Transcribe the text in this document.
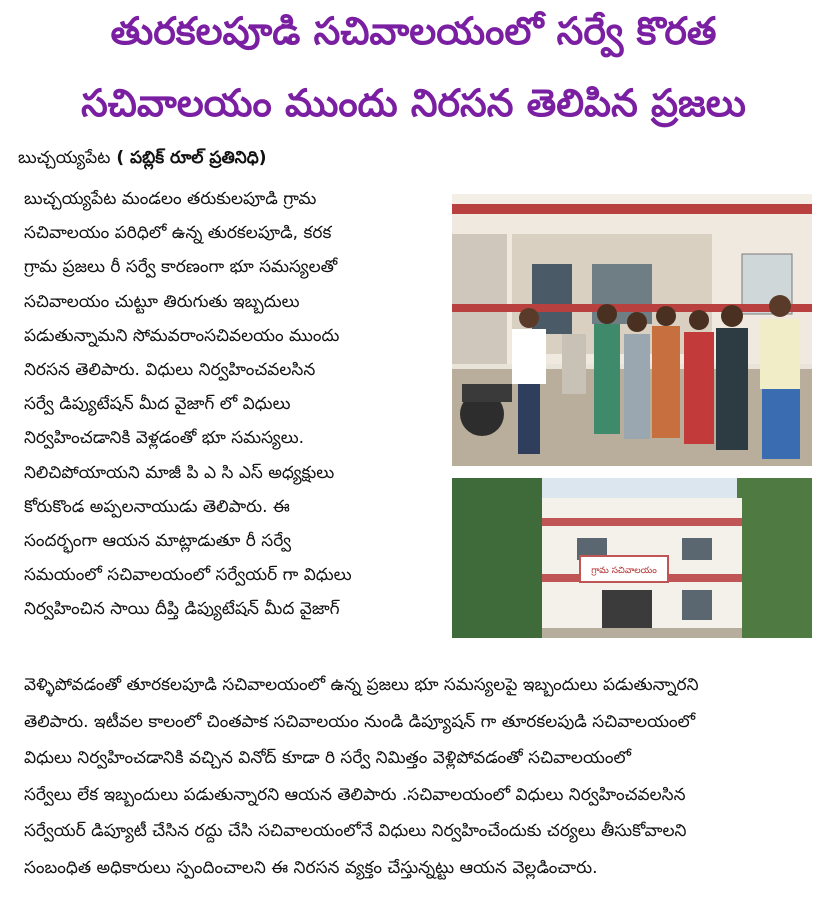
తురకలపూడి సచివాలయంలో సర్వే కొరత
సచివాలయం ముందు నిరసన తెలిపిన ప్రజలు
బుచ్చయ్యపేట ( పబ్లిక్ రూల్ ప్రతినిధి)
బుచ్చయ్యపేట మండలం తరుకులపూడి గ్రామ
సచివాలయం పరిధిలో ఉన్న తురకలపూడి, కరక
గ్రామ ప్రజలు రీ సర్వే కారణంగా భూ సమస్యలతో
సచివాలయం చుట్టూ తిరుగుతు ఇబ్బదులు
పడుతున్నామని సోమవరాంసచివలయం ముందు
నిరసన తెలిపారు. విధులు నిర్వహించవలసిన
సర్వే డిప్యుటేషన్ మీద వైజాగ్ లో విధులు
నిర్వహించడానికి వెళ్లడంతో భూ సమస్యలు.
నిలిచిపోయాయని మాజీ పి ఎ సి ఎస్ అధ్యక్షులు
కోరుకొండ అప్పలనాయుడు తెలిపారు. ఈ
సందర్భంగా ఆయన మాట్లాడుతూ రీ సర్వే
సమయంలో సచివాలయంలో సర్వేయర్ గా విధులు
నిర్వహించిన సాయి దీప్తి డిప్యుటేషన్ మీద వైజాగ్
వెళ్ళిపోవడంతో తూరకలపూడి సచివాలయంలో ఉన్న ప్రజలు భూ సమస్యలపై ఇబ్బందులు పడుతున్నారని
తెలిపారు. ఇటీవల కాలంలో చింతపాక సచివాలయం నుండి డిప్యూషన్ గా తూరకలపుడి సచివాలయంలో
విధులు నిర్వహించడానికి వచ్చిన వినోద్ కూడా రి సర్వే నిమిత్తం వెళ్లిపోవడంతో సచివాలయంలో
సర్వేలు లేక ఇబ్బందులు పడుతున్నారని ఆయన తెలిపారు .సచివాలయంలో విధులు నిర్వహించవలసిన
సర్వేయర్ డిప్యూటీ చేసిన రద్దు చేసి సచివాలయంలోనే విధులు నిర్వహించేందుకు చర్యలు తీసుకోవాలని
సంబంధిత అధికారులు స్పందించాలని ఈ నిరసన వ్యక్తం చేస్తున్నట్టు ఆయన వెల్లడించారు.
గ్రామ సచివాలయం
